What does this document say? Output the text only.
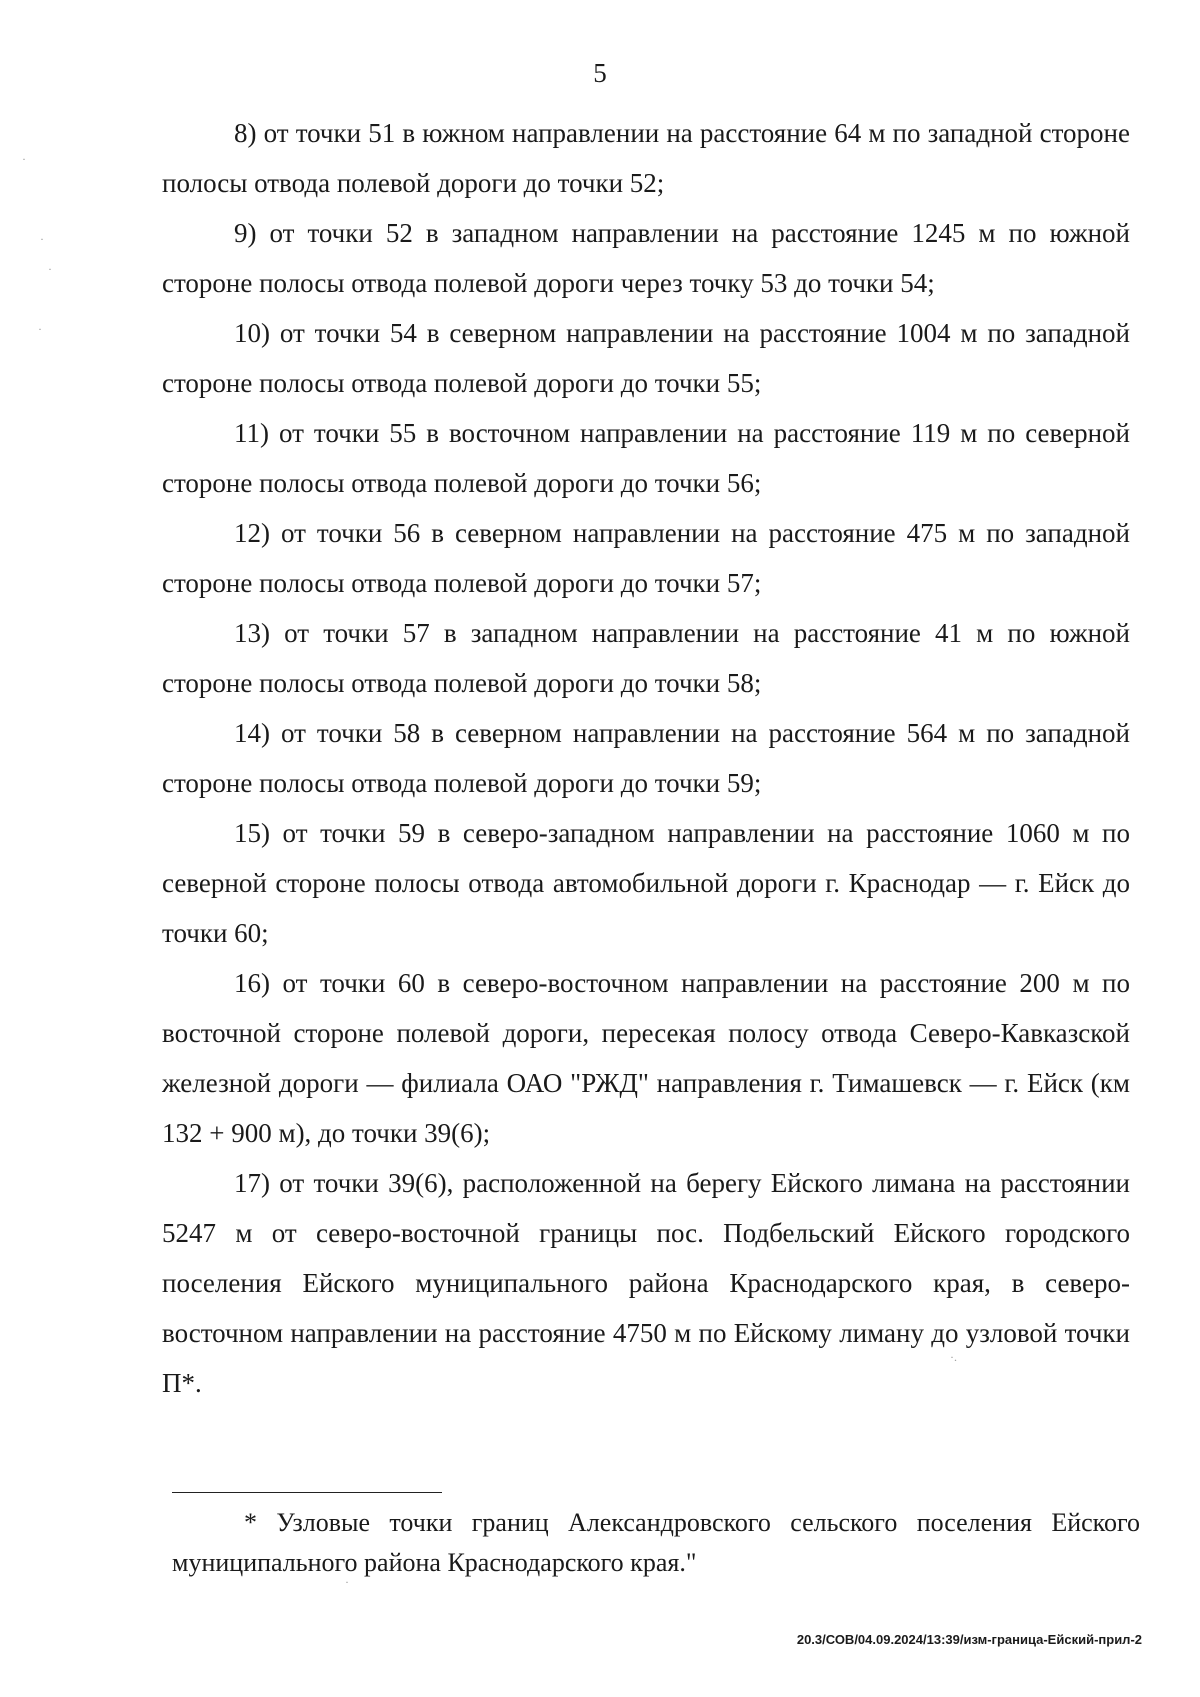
5

8) от точки 51 в южном направлении на расстояние 64 м по западной стороне полосы отвода полевой дороги до точки 52;

9) от точки 52 в западном направлении на расстояние 1245 м по южной стороне полосы отвода полевой дороги через точку 53 до точки 54;

10) от точки 54 в северном направлении на расстояние 1004 м по западной стороне полосы отвода полевой дороги до точки 55;

11) от точки 55 в восточном направлении на расстояние 119 м по северной стороне полосы отвода полевой дороги до точки 56;

12) от точки 56 в северном направлении на расстояние 475 м по западной стороне полосы отвода полевой дороги до точки 57;

13) от точки 57 в западном направлении на расстояние 41 м по южной стороне полосы отвода полевой дороги до точки 58;

14) от точки 58 в северном направлении на расстояние 564 м по западной стороне полосы отвода полевой дороги до точки 59;

15) от точки 59 в северо-западном направлении на расстояние 1060 м по северной стороне полосы отвода автомобильной дороги г. Краснодар — г. Ейск до точки 60;

16) от точки 60 в северо-восточном направлении на расстояние 200 м по восточной стороне полевой дороги, пересекая полосу отвода Северо-Кавказской железной дороги — филиала ОАО "РЖД" направления г. Тимашевск — г. Ейск (км 132 + 900 м), до точки 39(6);

17) от точки 39(6), расположенной на берегу Ейского лимана на расстоянии 5247 м от северо-восточной границы пос. Подбельский Ейского городского поселения Ейского муниципального района Краснодарского края, в северо-восточном направлении на расстояние 4750 м по Ейскому лиману до узловой точки П*.

* Узловые точки границ Александровского сельского поселения Ейского муниципального района Краснодарского края."

20.3/СОВ/04.09.2024/13:39/изм-граница-Ейский-прил-2
·
·
·
·
·.
·
